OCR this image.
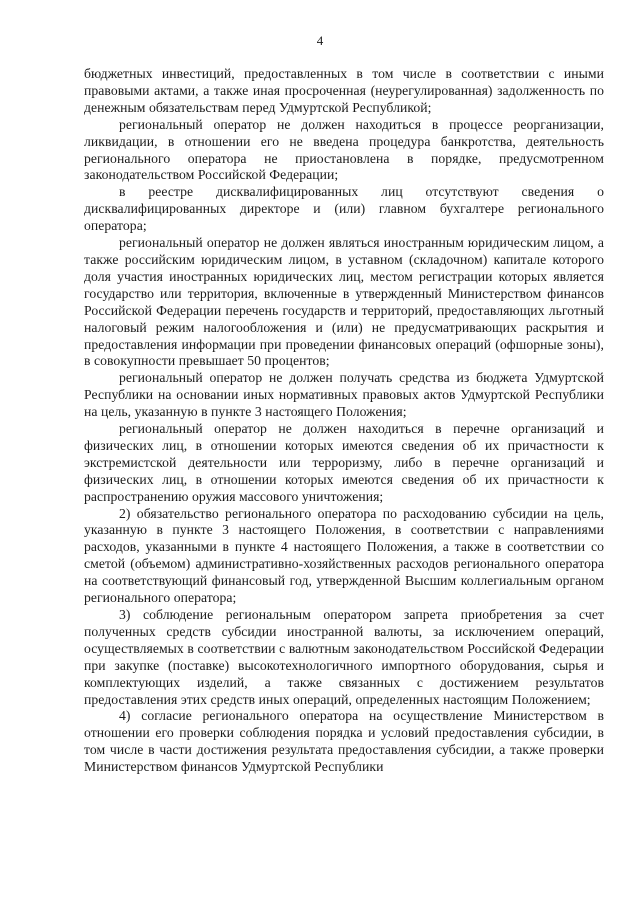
4

бюджетных инвестиций, предоставленных в том числе в соответствии с иными правовыми актами, а также иная просроченная (неурегулированная) задолженность по денежным обязательствам перед Удмуртской Республикой;

региональный оператор не должен находиться в процессе реорганизации, ликвидации, в отношении его не введена процедура банкротства, деятельность регионального оператора не приостановлена в порядке, предусмотренном законодательством Российской Федерации;

в реестре дисквалифицированных лиц отсутствуют сведения о дисквалифицированных директоре и (или) главном бухгалтере регионального оператора;

региональный оператор не должен являться иностранным юридическим лицом, а также российским юридическим лицом, в уставном (складочном) капитале которого доля участия иностранных юридических лиц, местом регистрации которых является государство или территория, включенные в утвержденный Министерством финансов Российской Федерации перечень государств и территорий, предоставляющих льготный налоговый режим налогообложения и (или) не предусматривающих раскрытия и предоставления информации при проведении финансовых операций (офшорные зоны), в совокупности превышает 50 процентов;

региональный оператор не должен получать средства из бюджета Удмуртской Республики на основании иных нормативных правовых актов Удмуртской Республики на цель, указанную в пункте 3 настоящего Положения;

региональный оператор не должен находиться в перечне организаций и физических лиц, в отношении которых имеются сведения об их причастности к экстремистской деятельности или терроризму, либо в перечне организаций и физических лиц, в отношении которых имеются сведения об их причастности к распространению оружия массового уничтожения;

2) обязательство регионального оператора по расходованию субсидии на цель, указанную в пункте 3 настоящего Положения, в соответствии с направлениями расходов, указанными в пункте 4 настоящего Положения, а также в соответствии со сметой (объемом) административно-хозяйственных расходов регионального оператора на соответствующий финансовый год, утвержденной Высшим коллегиальным органом регионального оператора;

3) соблюдение региональным оператором запрета приобретения за счет полученных средств субсидии иностранной валюты, за исключением операций, осуществляемых в соответствии с валютным законодательством Российской Федерации при закупке (поставке) высокотехнологичного импортного оборудования, сырья и комплектующих изделий, а также связанных с достижением результатов предоставления этих средств иных операций, определенных настоящим Положением;

4) согласие регионального оператора на осуществление Министерством в отношении его проверки соблюдения порядка и условий предоставления субсидии, в том числе в части достижения результата предоставления субсидии, а также проверки Министерством финансов Удмуртской Республики
